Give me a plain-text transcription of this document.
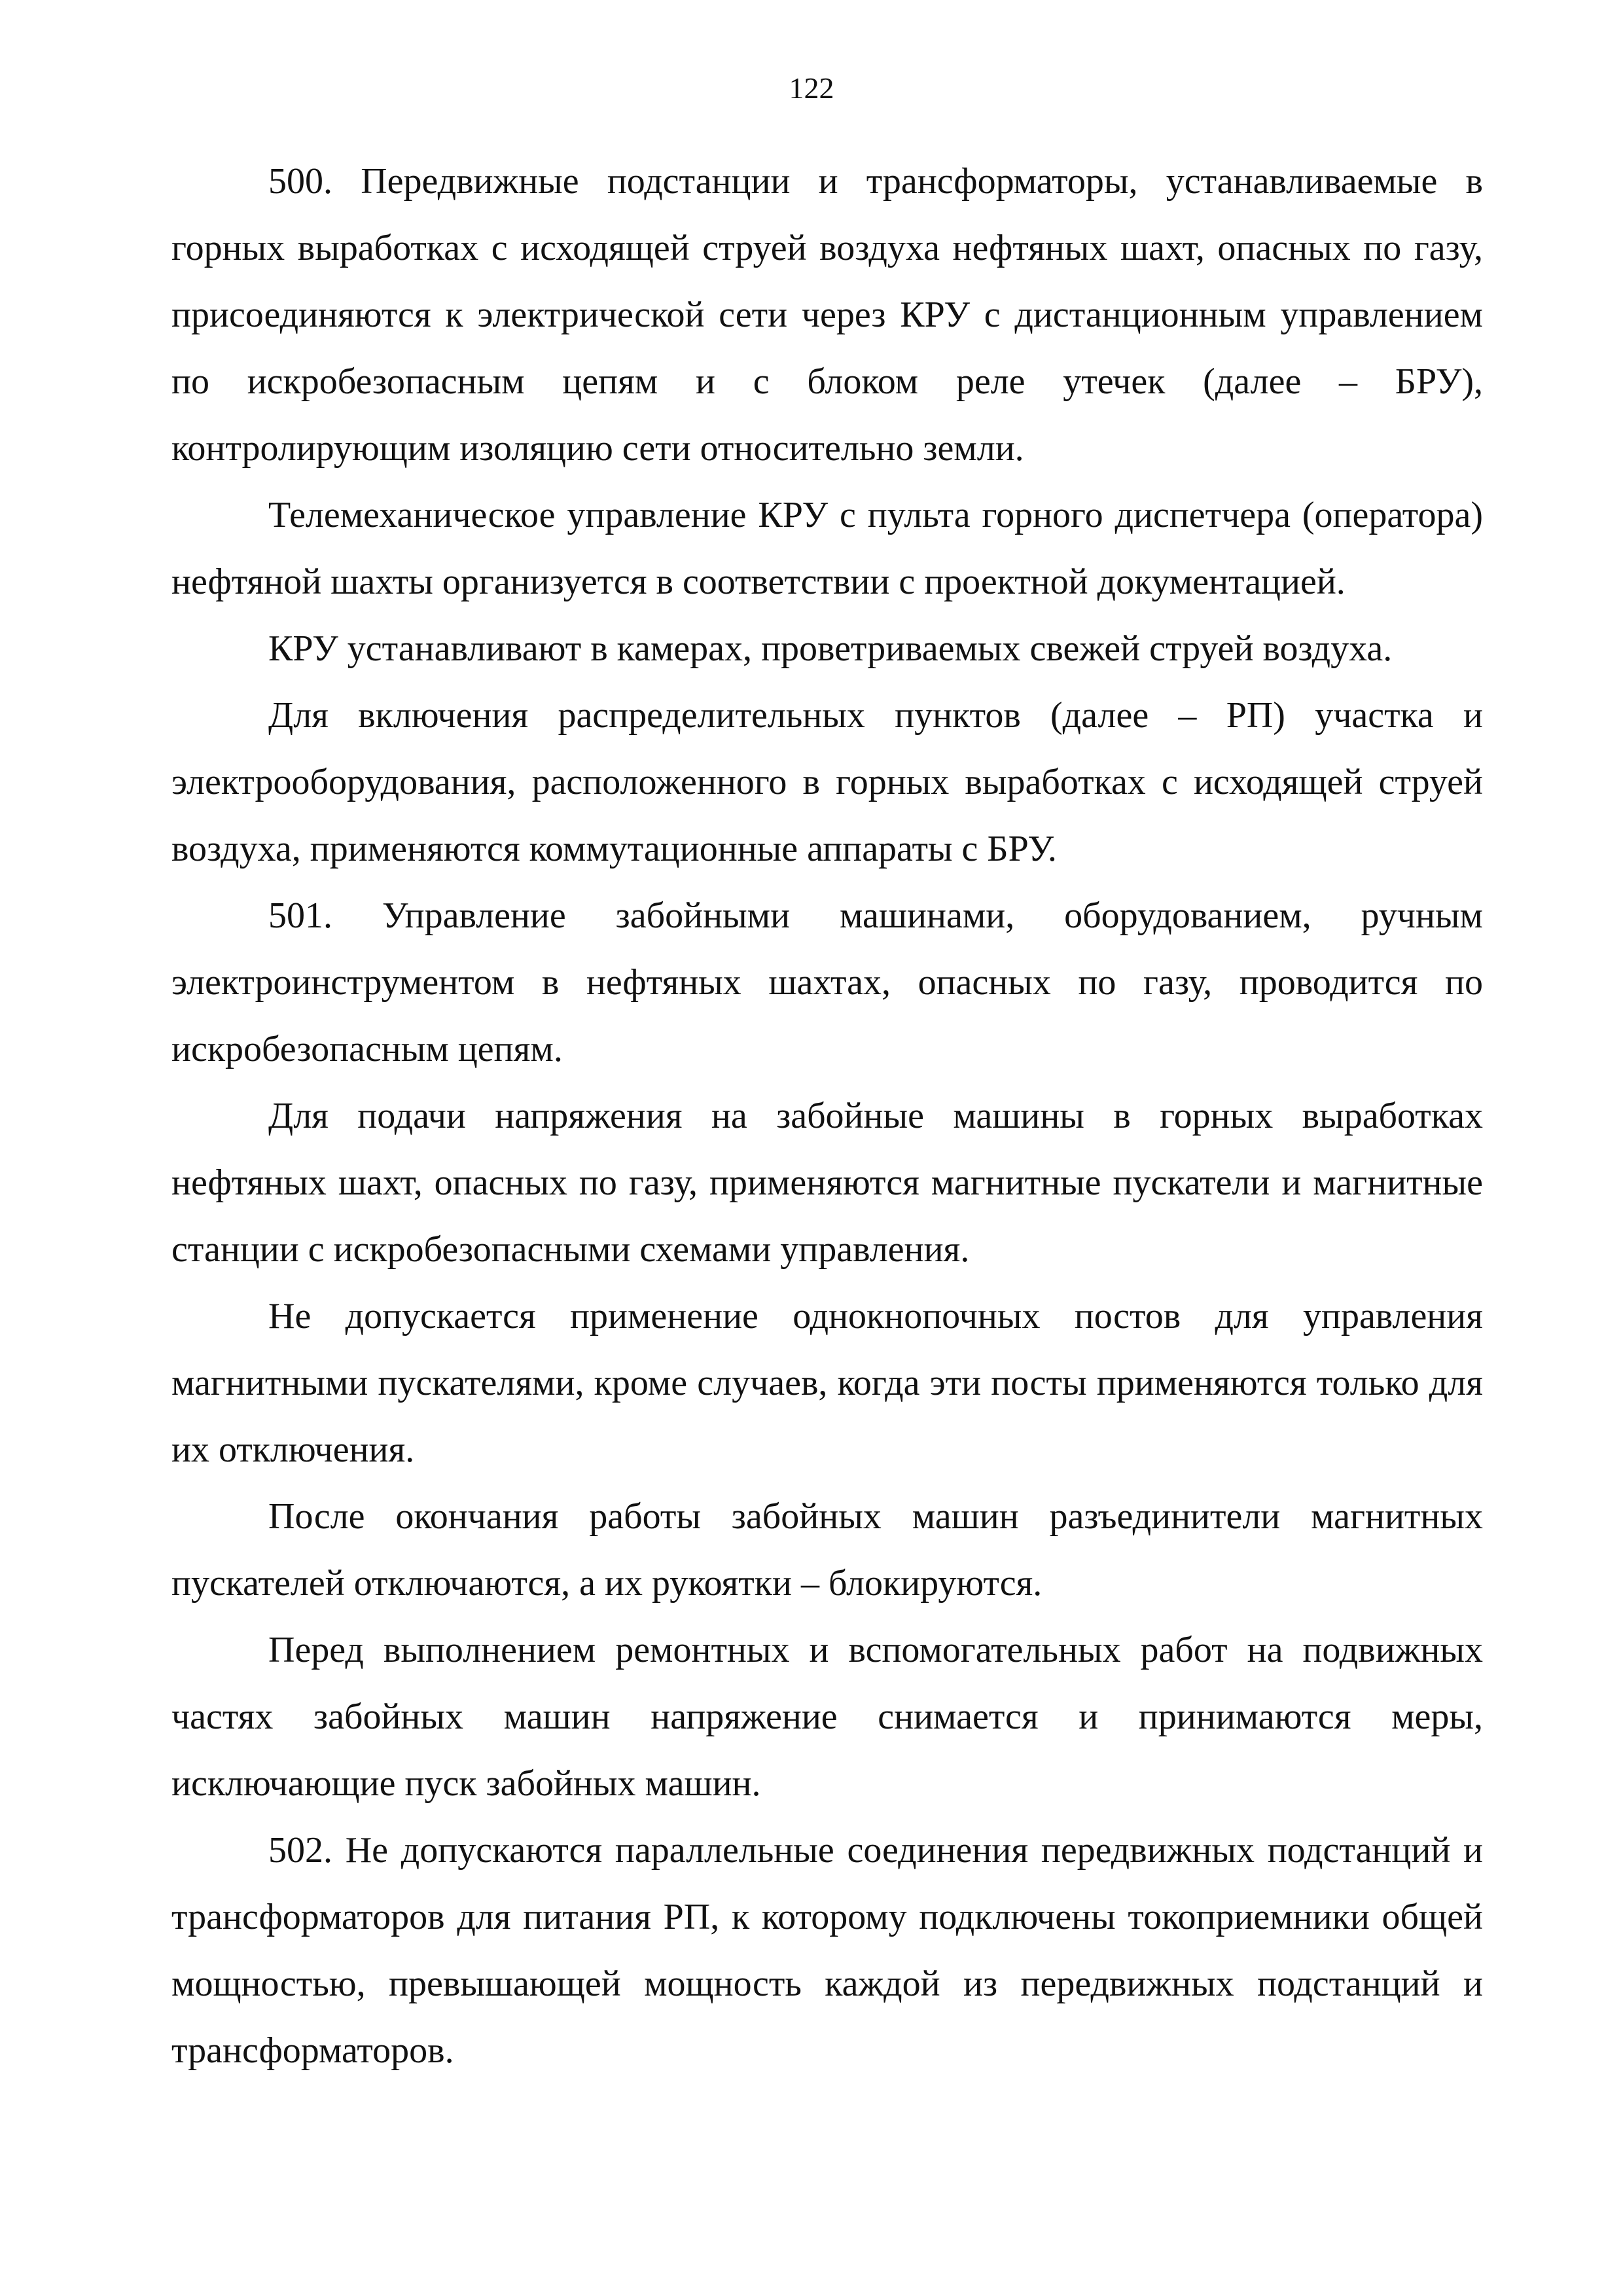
122

500. Передвижные подстанции и трансформаторы, устанавливаемые в горных выработках с исходящей струей воздуха нефтяных шахт, опасных по газу, присоединяются к электрической сети через КРУ с дистанционным управлением по искробезопасным цепям и с блоком реле утечек (далее – БРУ), контролирующим изоляцию сети относительно земли.

Телемеханическое управление КРУ с пульта горного диспетчера (оператора) нефтяной шахты организуется в соответствии с проектной документацией.

КРУ устанавливают в камерах, проветриваемых свежей струей воздуха.

Для включения распределительных пунктов (далее – РП) участка и электрооборудования, расположенного в горных выработках с исходящей струей воздуха, применяются коммутационные аппараты с БРУ.

501. Управление забойными машинами, оборудованием, ручным электроинструментом в нефтяных шахтах, опасных по газу, проводится по искробезопасным цепям.

Для подачи напряжения на забойные машины в горных выработках нефтяных шахт, опасных по газу, применяются магнитные пускатели и магнитные станции с искробезопасными схемами управления.

Не допускается применение однокнопочных постов для управления магнитными пускателями, кроме случаев, когда эти посты применяются только для их отключения.

После окончания работы забойных машин разъединители магнитных пускателей отключаются, а их рукоятки – блокируются.

Перед выполнением ремонтных и вспомогательных работ на подвижных частях забойных машин напряжение снимается и принимаются меры, исключающие пуск забойных машин.

502. Не допускаются параллельные соединения передвижных подстанций и трансформаторов для питания РП, к которому подключены токоприемники общей мощностью, превышающей мощность каждой из передвижных подстанций и трансформаторов.
